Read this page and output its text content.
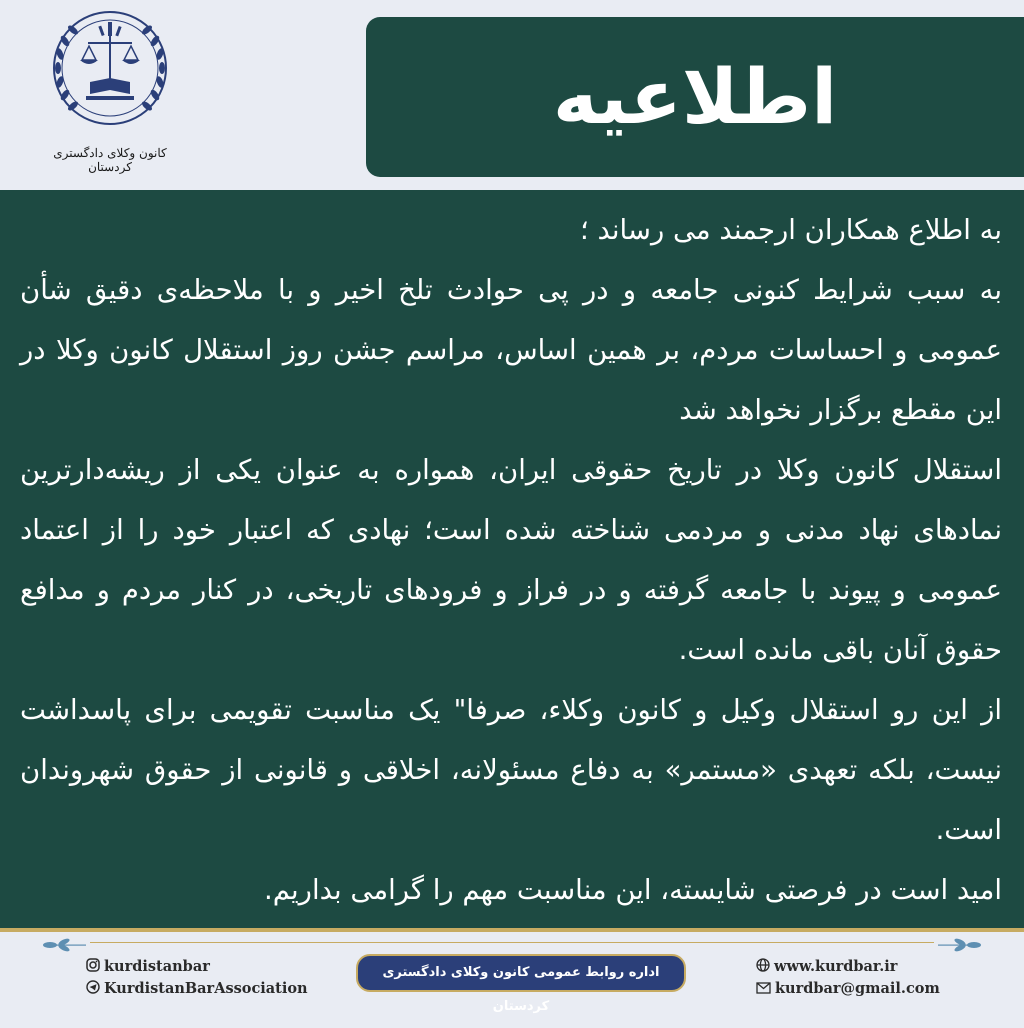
کانون وکلای دادگستری کردستان
اطلاعیه

به اطلاع همکاران ارجمند می رساند ؛

به سبب شرایط کنونی جامعه و در پی حوادث تلخ اخیر و با ملاحظه‌ی دقیق شأن عمومی و احساسات مردم، بر همین اساس، مراسم جشن روز استقلال کانون وکلا در این مقطع برگزار نخواهد شد

استقلال کانون وکلا در تاریخ حقوقی ایران، همواره به عنوان یکی از ریشه‌دارترین نمادهای نهاد مدنی و مردمی شناخته شده است؛ نهادی که اعتبار خود را از اعتماد عمومی و پیوند با جامعه گرفته و در فراز و فرودهای تاریخی، در کنار مردم و مدافع حقوق آنان باقی مانده است.

از این رو استقلال وکیل و کانون وکلاء، صرفا" یک مناسبت تقویمی برای پاسداشت نیست، بلکه تعهدی «مستمر» به دفاع مسئولانه، اخلاقی و قانونی از حقوق شهروندان است.

امید است در فرصتی شایسته، این مناسبت مهم را گرامی بداریم.

kurdistanbar
KurdistanBarAssociation
اداره روابط عمومی کانون وکلای دادگستری کردستان
www.kurdbar.ir
kurdbar@gmail.com
